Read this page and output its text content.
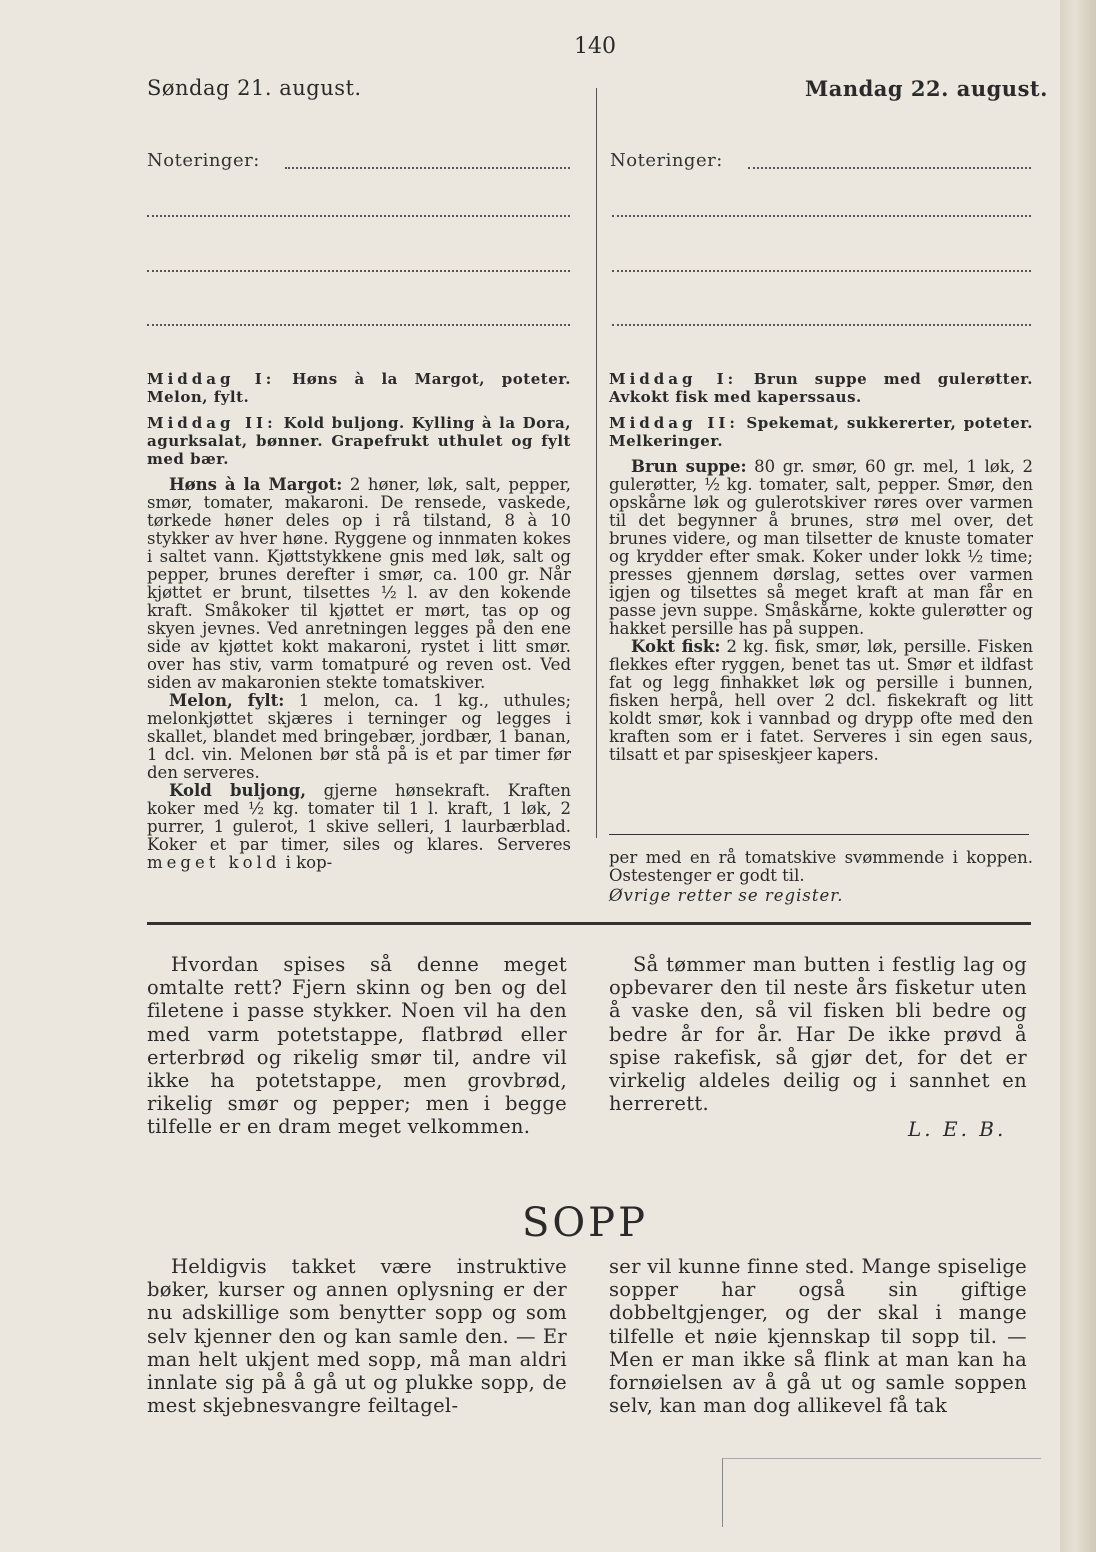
140
Søndag 21. august.	Mandag 22. august.
Noteringer:	Noteringer:

Middag I: Høns à la Margot, poteter. Melon, fylt.

Middag II: Kold buljong. Kylling à la Dora, agurksalat, bønner. Grapefrukt uthulet og fylt med bær.

Høns à la Margot: 2 høner, løk, salt, pepper, smør, tomater, makaroni. De rensede, vaskede, tørkede høner deles op i rå tilstand, 8 à 10 stykker av hver høne. Ryggene og innmaten kokes i saltet vann. Kjøttstykkene gnis med løk, salt og pepper, brunes derefter i smør, ca. 100 gr. Når kjøttet er brunt, tilsettes ½ l. av den kokende kraft. Småkoker til kjøttet er mørt, tas op og skyen jevnes. Ved anretningen legges på den ene side av kjøttet kokt makaroni, rystet i litt smør. over has stiv, varm tomatpuré og reven ost. Ved siden av makaronien stekte tomatskiver.

Melon, fylt: 1 melon, ca. 1 kg., uthules; melonkjøttet skjæres i terninger og legges i skallet, blandet med bringebær, jordbær, 1 banan, 1 dcl. vin. Melonen bør stå på is et par timer før den serveres.

Kold buljong, gjerne hønsekraft. Kraften koker med ½ kg. tomater til 1 l. kraft, 1 løk, 2 purrer, 1 gulerot, 1 skive selleri, 1 laurbærblad. Koker et par timer, siles og klares. Serveres meget kold i kop-

Middag I: Brun suppe med gulerøtter. Avkokt fisk med kaperssaus.

Middag II: Spekemat, sukkererter, poteter. Melkeringer.

Brun suppe: 80 gr. smør, 60 gr. mel, 1 løk, 2 gulerøtter, ½ kg. tomater, salt, pepper. Smør, den opskårne løk og gulerotskiver røres over varmen til det begynner å brunes, strø mel over, det brunes videre, og man tilsetter de knuste tomater og krydder efter smak. Koker under lokk ½ time; presses gjennem dørslag, settes over varmen igjen og tilsettes så meget kraft at man får en passe jevn suppe. Småskårne, kokte gulerøtter og hakket persille has på suppen.

Kokt fisk: 2 kg. fisk, smør, løk, persille. Fisken flekkes efter ryggen, benet tas ut. Smør et ildfast fat og legg finhakket løk og persille i bunnen, fisken herpå, hell over 2 dcl. fiskekraft og litt koldt smør, kok i vannbad og drypp ofte med den kraften som er i fatet. Serveres i sin egen saus, tilsatt et par spiseskjeer kapers.

per med en rå tomatskive svømmende i koppen. Ostestenger er godt til.

Øvrige retter se register.

Hvordan spises så denne meget omtalte rett? Fjern skinn og ben og del filetene i passe stykker. Noen vil ha den med varm potetstappe, flatbrød eller erterbrød og rikelig smør til, andre vil ikke ha potetstappe, men grovbrød, rikelig smør og pepper; men i begge tilfelle er en dram meget velkommen.

Så tømmer man butten i festlig lag og opbevarer den til neste års fisketur uten å vaske den, så vil fisken bli bedre og bedre år for år. Har De ikke prøvd å spise rakefisk, så gjør det, for det er virkelig aldeles deilig og i sannhet en herrerett.

L. E. B.
SOPP

Heldigvis takket være instruktive bøker, kurser og annen oplysning er der nu adskillige som benytter sopp og som selv kjenner den og kan samle den. — Er man helt ukjent med sopp, må man aldri innlate sig på å gå ut og plukke sopp, de mest skjebnesvangre feiltagel-

ser vil kunne finne sted. Mange spiselige sopper har også sin giftige dobbeltgjenger, og der skal i mange tilfelle et nøie kjennskap til sopp til. — Men er man ikke så flink at man kan ha fornøielsen av å gå ut og samle soppen selv, kan man dog allikevel få tak
